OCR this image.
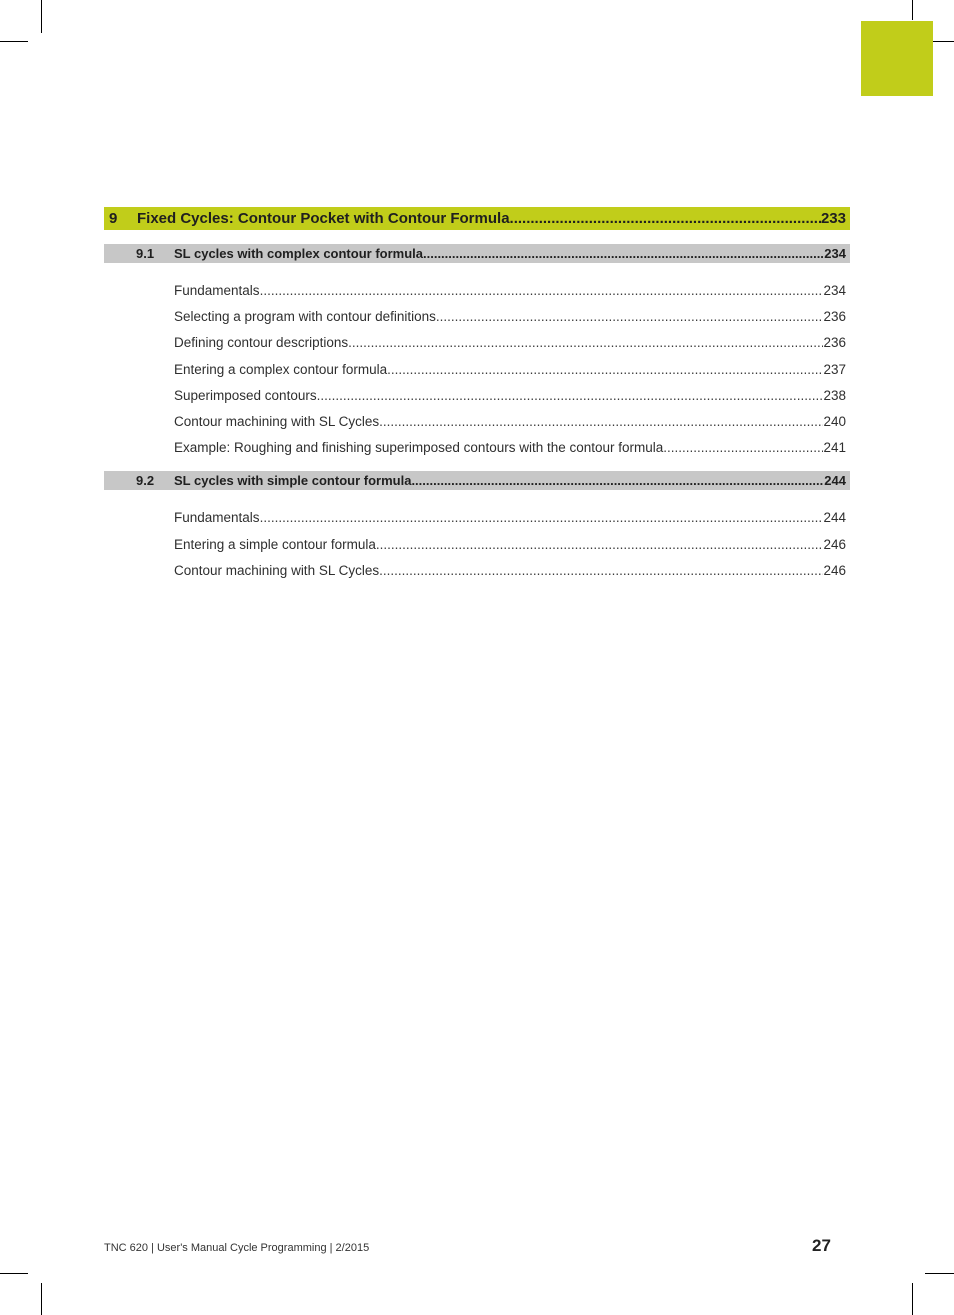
9	Fixed Cycles: Contour Pocket with Contour Formula .....	233
9.1	SL cycles with complex contour formula .....	234
Fundamentals .....	234
Selecting a program with contour definitions .....	236
Defining contour descriptions .....	236
Entering a complex contour formula .....	237
Superimposed contours .....	238
Contour machining with SL Cycles .....	240
Example: Roughing and finishing superimposed contours with the contour formula .....	241
9.2	SL cycles with simple contour formula .....	244
Fundamentals .....	244
Entering a simple contour formula .....	246
Contour machining with SL Cycles .....	246
TNC 620 | User's Manual Cycle Programming | 2/2015	27
